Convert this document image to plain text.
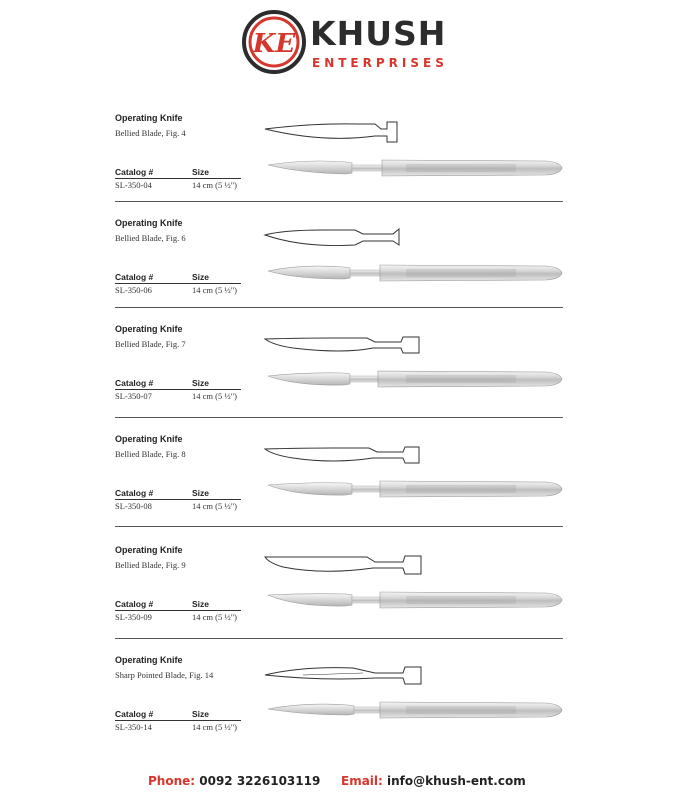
KE KHUSH
ENTERPRISES
Operating Knife
Bellied Blade, Fig. 4
Catalog #	Size
SL-350-04	14 cm (5 ½")
Operating Knife
Bellied Blade, Fig. 6
Catalog #	Size
SL-350-06	14 cm (5 ½")
Operating Knife
Bellied Blade, Fig. 7
Catalog #	Size
SL-350-07	14 cm (5 ½")
Operating Knife
Bellied Blade, Fig. 8
Catalog #	Size
SL-350-08	14 cm (5 ½")
Operating Knife
Bellied Blade, Fig. 9
Catalog #	Size
SL-350-09	14 cm (5 ½")
Operating Knife
Sharp Pointed Blade, Fig. 14
Catalog #	Size
SL-350-14	14 cm (5 ½")
Phone: 0092 3226103119 Email: info@khush-ent.com
